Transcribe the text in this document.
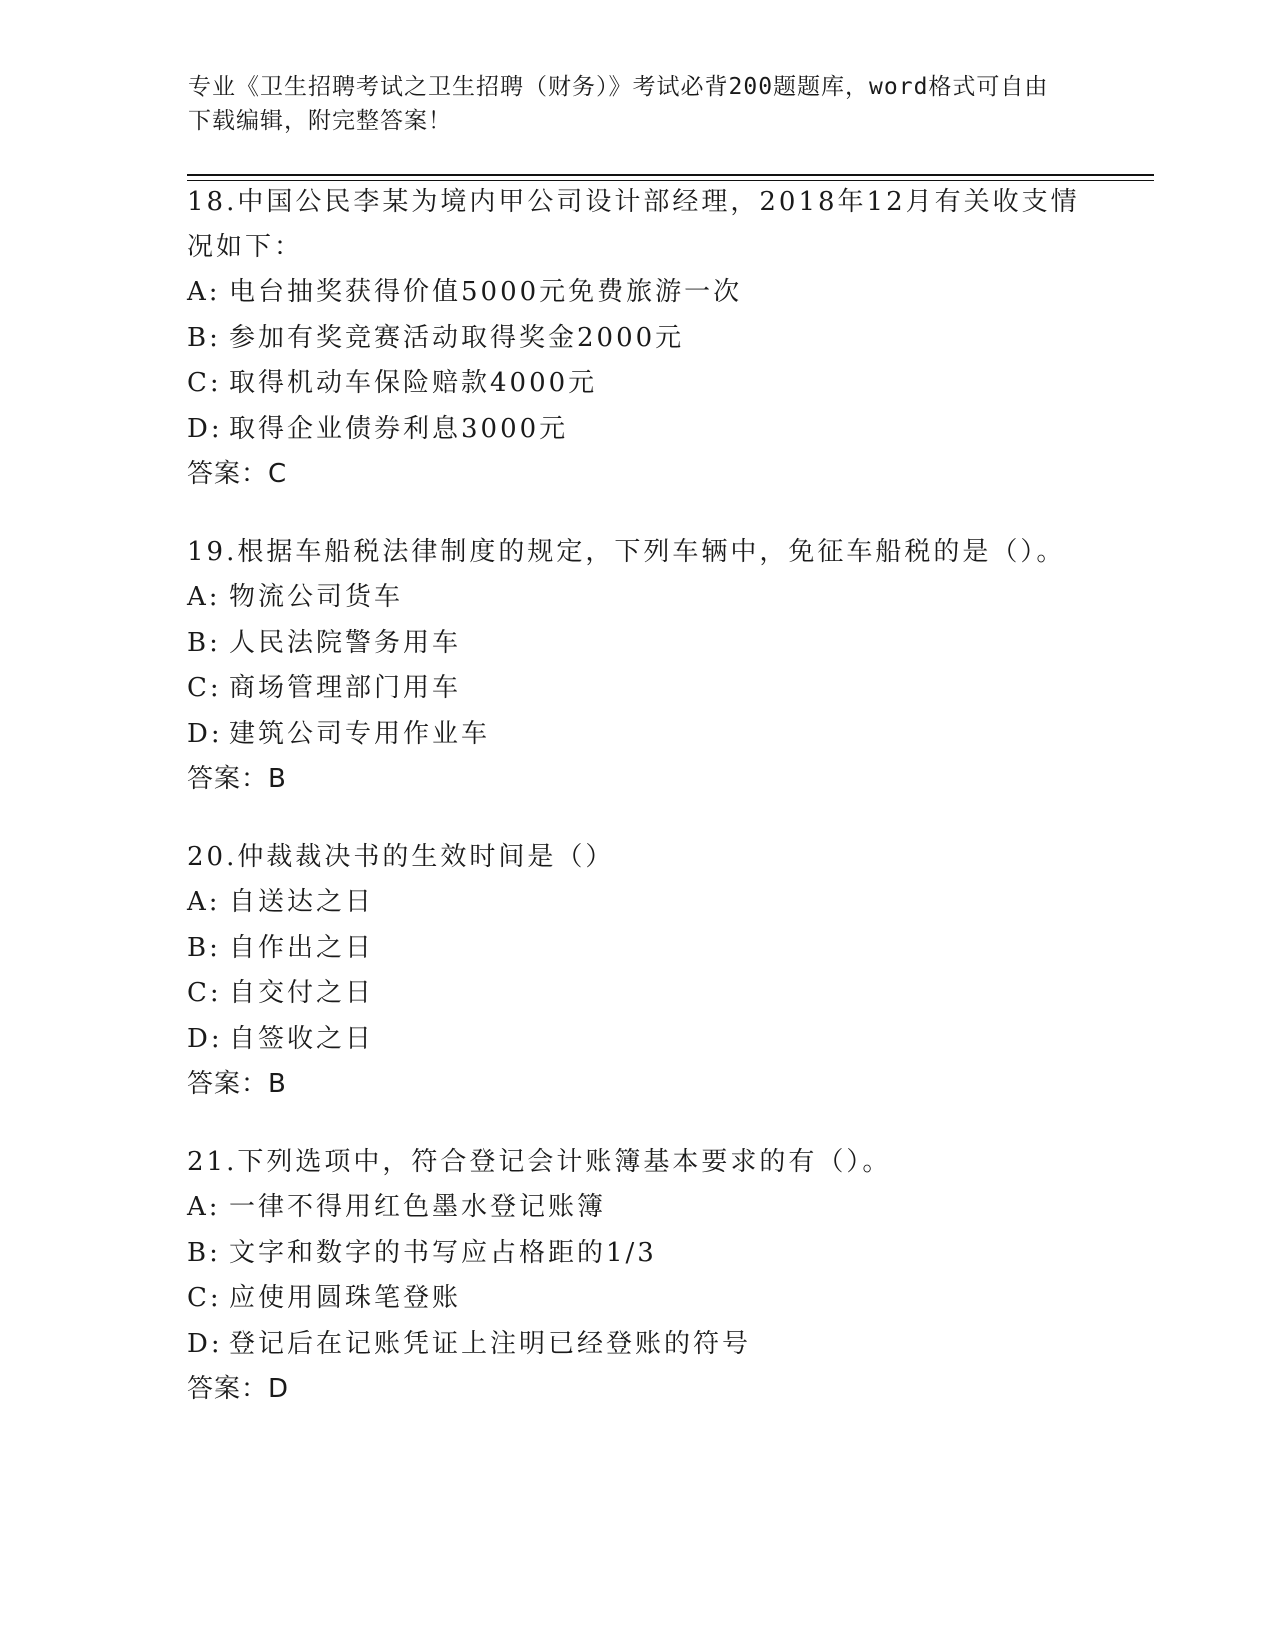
专业《卫生招聘考试之卫生招聘（财务）》考试必背200题题库，word格式可自由下载编辑，附完整答案！

18.中国公民李某为境内甲公司设计部经理，2018年12月有关收支情况如下：

A: 电台抽奖获得价值5000元免费旅游一次

B: 参加有奖竞赛活动取得奖金2000元

C: 取得机动车保险赔款4000元

D: 取得企业债券利息3000元

答案：C

19.根据车船税法律制度的规定，下列车辆中，免征车船税的是（）。

A: 物流公司货车

B: 人民法院警务用车

C: 商场管理部门用车

D: 建筑公司专用作业车

答案：B

20.仲裁裁决书的生效时间是（）

A: 自送达之日

B: 自作出之日

C: 自交付之日

D: 自签收之日

答案：B

21.下列选项中，符合登记会计账簿基本要求的有（）。

A: 一律不得用红色墨水登记账簿

B: 文字和数字的书写应占格距的1/3

C: 应使用圆珠笔登账

D: 登记后在记账凭证上注明已经登账的符号

答案：D
